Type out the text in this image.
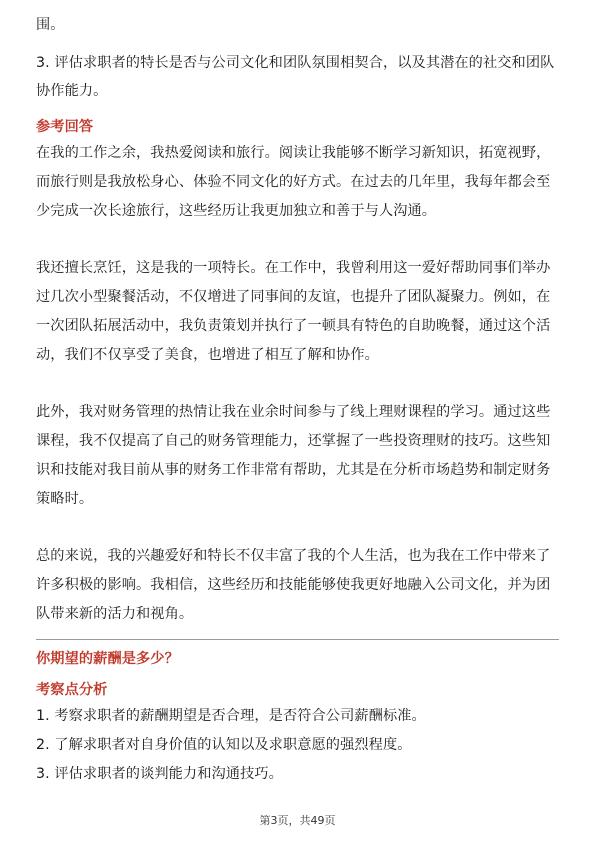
围。
3. 评估求职者的特长是否与公司文化和团队氛围相契合，以及其潜在的社交和团队
协作能力。
参考回答
在我的工作之余，我热爱阅读和旅行。阅读让我能够不断学习新知识，拓宽视野，
而旅行则是我放松身心、体验不同文化的好方式。在过去的几年里，我每年都会至
少完成一次长途旅行，这些经历让我更加独立和善于与人沟通。
我还擅长烹饪，这是我的一项特长。在工作中，我曾利用这一爱好帮助同事们举办
过几次小型聚餐活动，不仅增进了同事间的友谊，也提升了团队凝聚力。例如，在
一次团队拓展活动中，我负责策划并执行了一顿具有特色的自助晚餐，通过这个活
动，我们不仅享受了美食，也增进了相互了解和协作。
此外，我对财务管理的热情让我在业余时间参与了线上理财课程的学习。通过这些
课程，我不仅提高了自己的财务管理能力，还掌握了一些投资理财的技巧。这些知
识和技能对我目前从事的财务工作非常有帮助，尤其是在分析市场趋势和制定财务
策略时。
总的来说，我的兴趣爱好和特长不仅丰富了我的个人生活，也为我在工作中带来了
许多积极的影响。我相信，这些经历和技能能够使我更好地融入公司文化，并为团
队带来新的活力和视角。
你期望的薪酬是多少？
考察点分析
1. 考察求职者的薪酬期望是否合理，是否符合公司薪酬标准。
2. 了解求职者对自身价值的认知以及求职意愿的强烈程度。
3. 评估求职者的谈判能力和沟通技巧。
第3页，共49页
